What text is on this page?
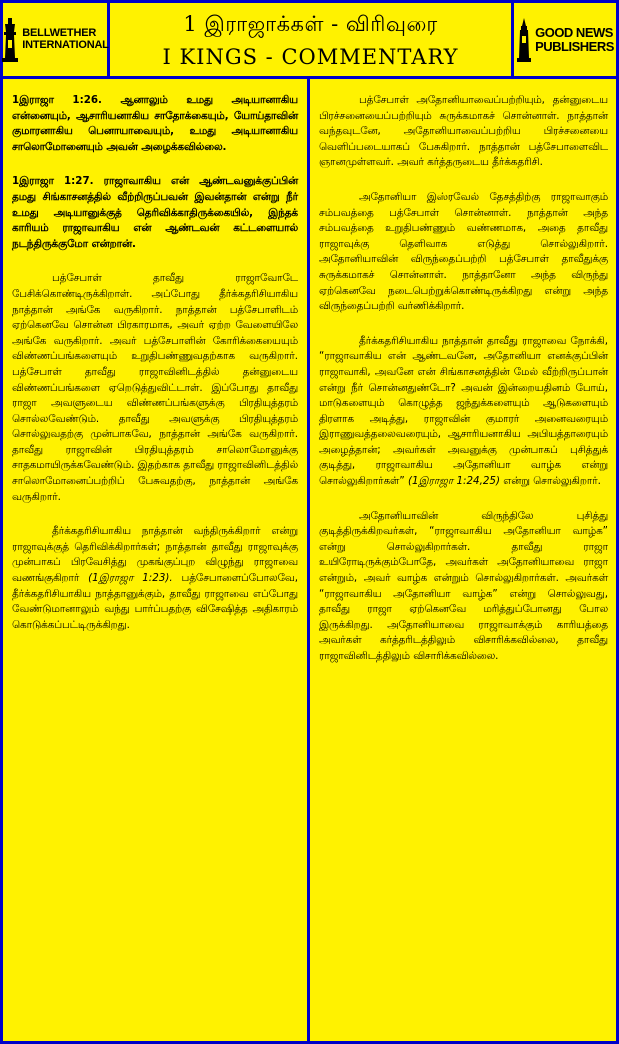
BELLWETHER
INTERNATIONAL
1 இராஜாக்கள் - விரிவுரை
I KINGS - COMMENTARY
GOOD NEWS
PUBLISHERS

1இராஜா 1:26. ஆனாலும் உமது அடியானாகிய என்னையும், ஆசாரியனாகிய சாதோக்கையும், யோய்தாவின் குமாரனாகிய பெனாயாவையும், உமது அடியானாகிய சாலொமோனையும் அவன் அழைக்கவில்லை.

1இராஜா 1:27. ராஜாவாகிய என் ஆண்டவனுக்குப்பின் தமது சிங்காசனத்தில் வீற்றிருப்பவன் இவன்தான் என்று நீர் உமது அடியானுக்குத் தெரிவிக்காதிருக்கையில், இந்தக் காரியம் ராஜாவாகிய என் ஆண்டவன் கட்டளையால் நடந்திருக்குமோ என்றான்.

பத்சேபாள் தாவீது ராஜாவோடே பேசிக்கொண்டிருக்கிறாள். அப்போது தீர்க்கதரிசியாகிய நாத்தான் அங்கே வருகிறார். நாத்தான் பத்சேபாளிடம் ஏற்கெனவே சொன்ன பிரகாரமாக, அவர் ஏற்ற வேளையிலே அங்கே வருகிறார். அவர் பத்சேபாளின் கோரிக்கையையும் விண்ணப்பங்களையும் உறுதிபண்ணுவதற்காக வருகிறார். பத்சேபாள் தாவீது ராஜாவினிடத்தில் தன்னுடைய விண்ணப்பங்களை ஏறெடுத்துவிட்டாள். இப்போது தாவீது ராஜா அவளுடைய விண்ணப்பங்களுக்கு பிரதியுத்தரம் சொல்லவேண்டும். தாவீது அவளுக்கு பிரதியுத்தரம் சொல்லுவதற்கு முன்பாகவே, நாத்தான் அங்கே வருகிறார். தாவீது ராஜாவின் பிரதியுத்தரம் சாலொமோனுக்கு சாதகமாயிருக்கவேண்டும். இதற்காக தாவீது ராஜாவினிடத்தில் சாலொமோனைப்பற்றிப் பேசுவதற்கு, நாத்தான் அங்கே வருகிறார்.

தீர்க்கதரிசியாகிய நாத்தான் வந்திருக்கிறார் என்று ராஜாவுக்குத் தெரிவிக்கிறார்கள்; நாத்தான் தாவீது ராஜாவுக்கு முன்பாகப் பிரவேசித்து முகங்குப்புற விழுந்து ராஜாவை வணங்குகிறார் (1இராஜா 1:23). பத்சேபாளைப்போலவே, தீர்க்கதரிசியாகிய நாத்தானுக்கும், தாவீது ராஜாவை எப்போது வேண்டுமானாலும் வந்து பார்ப்பதற்கு விசேஷித்த அதிகாரம் கொடுக்கப்பட்டிருக்கிறது.

பத்சேபாள் அதோனியாவைப்பற்றியும், தன்னுடைய பிரச்சனையைப்பற்றியும் சுருக்கமாகச் சொன்னாள். நாத்தான் வந்தவுடனே, அதோனியாவைப்பற்றிய பிரச்சனையை வெளிப்படையாகப் பேசுகிறார். நாத்தான் பத்சேபாளைவிட ஞானமுள்ளவர். அவர் கர்த்தருடைய தீர்க்கதரிசி.

அதோனியா இஸ்ரவேல் தேசத்திற்கு ராஜாவாகும் சம்பவத்தை பத்சேபாள் சொன்னாள். நாத்தான் அந்த சம்பவத்தை உறுதிபண்ணும் வண்ணமாக, அதை தாவீது ராஜாவுக்கு தெளிவாக எடுத்து சொல்லுகிறார். அதோனியாவின் விருந்தைப்பற்றி பத்சேபாள் தாவீதுக்கு சுருக்கமாகச் சொன்னாள். நாத்தானோ அந்த விருந்து ஏற்கெனவே நடைபெற்றுக்கொண்டிருக்கிறது என்று அந்த விருந்தைப்பற்றி வர்ணிக்கிறார்.

தீர்க்கதரிசியாகிய நாத்தான் தாவீது ராஜாவை நோக்கி, “ராஜாவாகிய என் ஆண்டவனே, அதோனியா எனக்குப்பின் ராஜாவாகி, அவனே என் சிங்காசனத்தின் மேல் வீற்றிருப்பான் என்று நீர் சொன்னதுண்டோ? அவன் இன்றையதினம் போய், மாடுகளையும் கொழுத்த ஜந்துக்களையும் ஆடுகளையும் திரளாக அடித்து, ராஜாவின் குமாரர் அனைவரையும் இராணுவத்தலைவரையும், ஆசாரியனாகிய அபியத்தாரையும் அழைத்தான்; அவர்கள் அவனுக்கு முன்பாகப் புசித்துக் குடித்து, ராஜாவாகிய அதோனியா வாழ்க என்று சொல்லுகிறார்கள்” (1இராஜா 1:24,25) என்று சொல்லுகிறார்.

அதோனியாவின் விருந்திலே புசித்து குடித்திருக்கிறவர்கள், “ராஜாவாகிய அதோனியா வாழ்க” என்று சொல்லுகிறார்கள். தாவீது ராஜா உயிரோடிருக்கும்போதே, அவர்கள் அதோனியாவை ராஜா என்றும், அவர் வாழ்க என்றும் சொல்லுகிறார்கள். அவர்கள் “ராஜாவாகிய அதோனியா வாழ்க” என்று சொல்லுவது, தாவீது ராஜா ஏற்கெனவே மரித்துப்போனது போல இருக்கிறது. அதோனியாவை ராஜாவாக்கும் காரியத்தை அவர்கள் கர்த்தரிடத்திலும் விசாரிக்கவில்லை, தாவீது ராஜாவினிடத்திலும் விசாரிக்கவில்லை.
